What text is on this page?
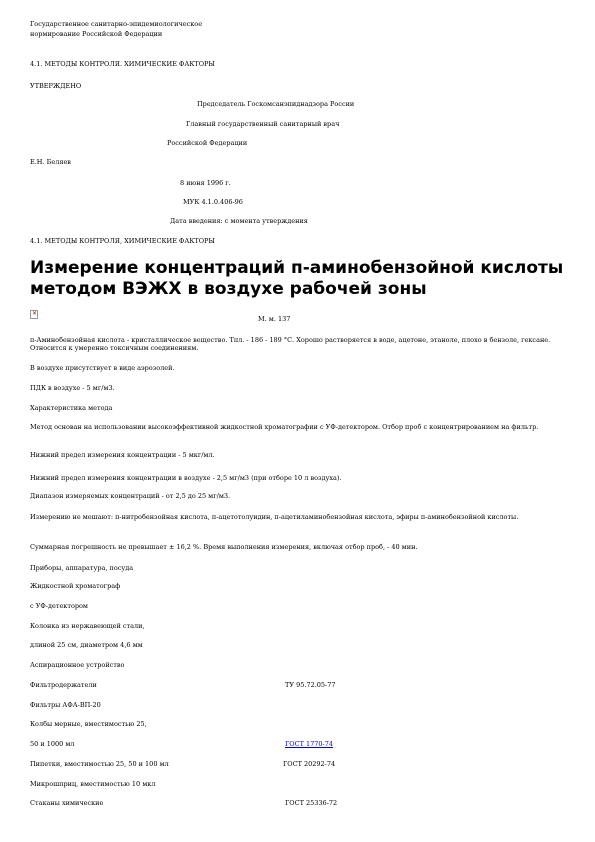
Государственное санитарно-эпидемиологическое
нормирование Российской Федерации
4.1. МЕТОДЫ КОНТРОЛЯ. ХИМИЧЕСКИЕ ФАКТОРЫ
УТВЕРЖДЕНО
Председатель Госкомсанэпиднадзора России
Главный государственный санитарный врач
Российской Федерации
Е.Н. Беляев
8 июня 1996 г.
МУК 4.1.0.406-96
Дата введения: с момента утверждения
4.1. МЕТОДЫ КОНТРОЛЯ, ХИМИЧЕСКИЕ ФАКТОРЫ
Измерение концентраций п-аминобензойной кислоты методом ВЭЖХ в воздухе рабочей зоны
✕
М. м. 137
п-Аминобензойная кислота - кристаллическое вещество. Тпл. - 186 - 189 °С. Хорошо растворяется в воде, ацетоне, этаноле, плохо в бензоле, гексане. Относится к умеренно токсичным соединениям.
В воздухе присутствует в виде аэрозолей.
ПДК в воздухе - 5 мг/м3.
Характеристика метода
Метод основан на использовании высокоэффективной жидкостной хроматографии с УФ-детектором. Отбор проб с концентрированием на фильтр.
Нижний предел измерения концентрации - 5 мкг/мл.
Нижний предел измерения концентрации в воздухе - 2,5 мг/м3 (при отборе 10 л воздуха).
Диапазон измеряемых концентраций - от 2,5 до 25 мг/м3.
Измерению не мешают: п-нитробензойная кислота, п-ацетотолуидин, п-ацетиламинобензойная кислота, эфиры п-аминобензойной кислоты.
Суммарная погрешность не превышает ± 16,2 %. Время выполнения измерения, включая отбор проб, - 40 мин.
Приборы, аппаратура, посуда
Жидкостной хроматограф
с УФ-детектором
Колонка из нержавеющей стали,
длиной 25 см, диаметром 4,6 мм
Аспирационное устройство
Фильтродержатели	ТУ 95.72.05-77
Фильтры АФА-ВП-20
Колбы мерные, вместимостью 25,
50 и 1000 мл	ГОСТ 1770-74
Пипетки, вместимостью 25, 50 и 100 мл	ГОСТ 20292-74
Микрошприц, вместимостью 10 мкл
Стаканы химические	ГОСТ 25336-72
